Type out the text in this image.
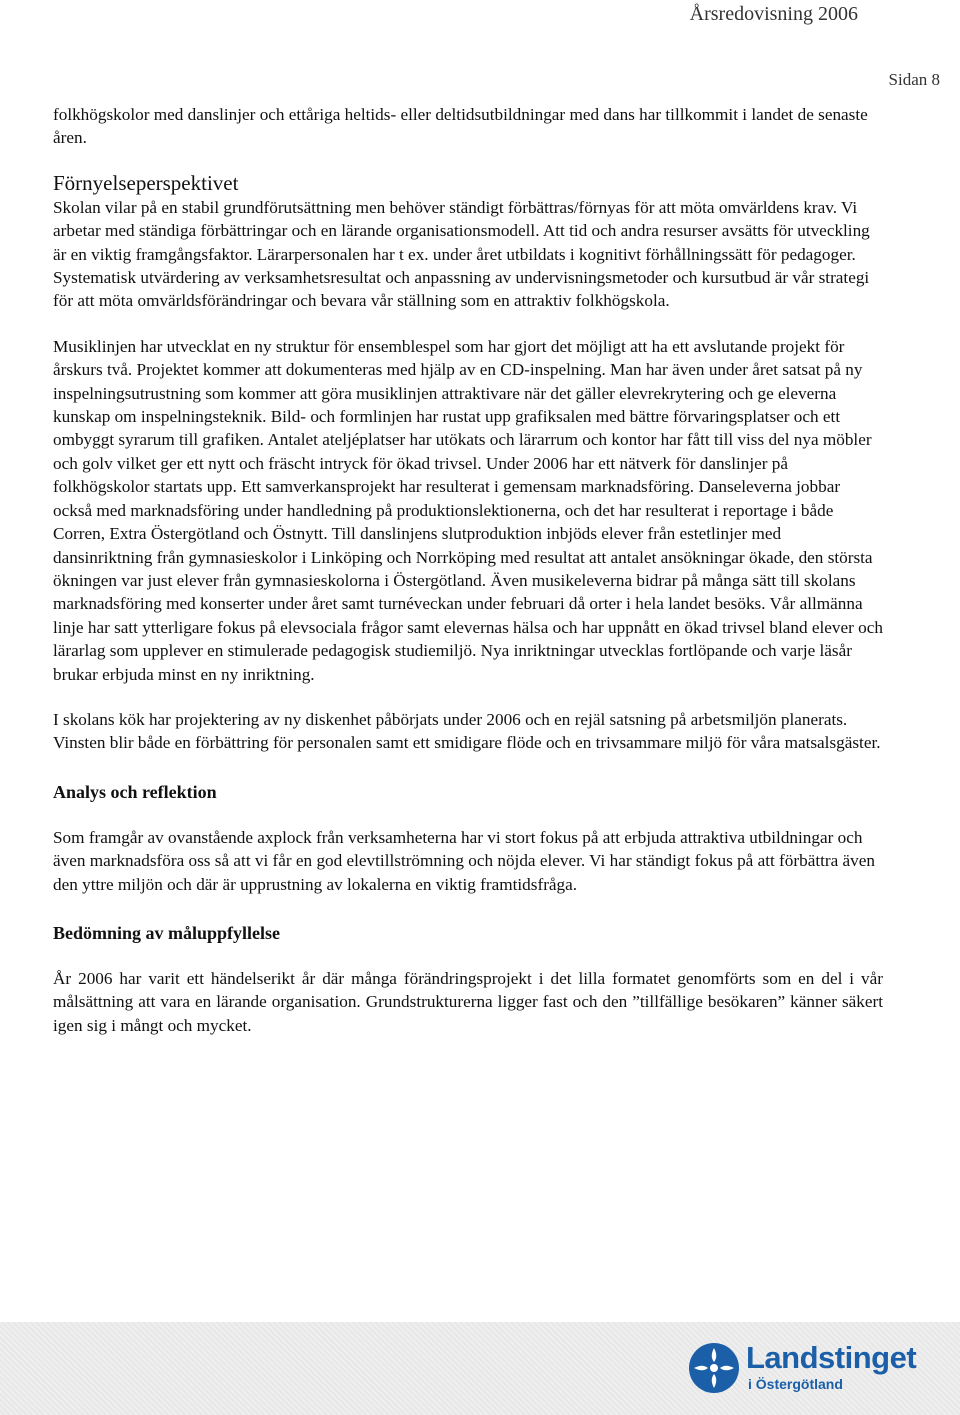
Årsredovisning 2006
Sidan 8

folkhögskolor med danslinjer och ettåriga heltids- eller deltidsutbildningar med dans har tillkommit i landet de senaste åren.

Förnyelseperspektivet

Skolan vilar på en stabil grundförutsättning men behöver ständigt förbättras/förnyas för att möta omvärldens krav. Vi arbetar med ständiga förbättringar och en lärande organisationsmodell. Att tid och andra resurser avsätts för utveckling är en viktig framgångsfaktor. Lärarpersonalen har t ex. under året utbildats i kognitivt förhållningssätt för pedagoger. Systematisk utvärdering av verksamhetsresultat och anpassning av undervisningsmetoder och kursutbud är vår strategi för att möta omvärldsförändringar och bevara vår ställning som en attraktiv folkhögskola.

Musiklinjen har utvecklat en ny struktur för ensemblespel som har gjort det möjligt att ha ett avslutande projekt för årskurs två. Projektet kommer att dokumenteras med hjälp av en CD-inspelning. Man har även under året satsat på ny inspelningsutrustning som kommer att göra musiklinjen attraktivare när det gäller elevrekrytering och ge eleverna kunskap om inspelningsteknik. Bild- och formlinjen har rustat upp grafiksalen med bättre förvaringsplatser och ett ombyggt syrarum till grafiken. Antalet ateljéplatser har utökats och lärarrum och kontor har fått till viss del nya möbler och golv vilket ger ett nytt och fräscht intryck för ökad trivsel. Under 2006 har ett nätverk för danslinjer på folkhögskolor startats upp. Ett samverkansprojekt har resulterat i gemensam marknadsföring. Danseleverna jobbar också med marknadsföring under handledning på produktionslektionerna, och det har resulterat i reportage i både Corren, Extra Östergötland och Östnytt. Till danslinjens slutproduktion inbjöds elever från estetlinjer med dansinriktning från gymnasieskolor i Linköping och Norrköping med resultat att antalet ansökningar ökade, den största ökningen var just elever från gymnasieskolorna i Östergötland. Även musikeleverna bidrar på många sätt till skolans marknadsföring med konserter under året samt turnéveckan under februari då orter i hela landet besöks. Vår allmänna linje har satt ytterligare fokus på elevsociala frågor samt elevernas hälsa och har uppnått en ökad trivsel bland elever och lärarlag som upplever en stimulerade pedagogisk studiemiljö. Nya inriktningar utvecklas fortlöpande och varje läsår brukar erbjuda minst en ny inriktning.

I skolans kök har projektering av ny diskenhet påbörjats under 2006 och en rejäl satsning på arbetsmiljön planerats. Vinsten blir både en förbättring för personalen samt ett smidigare flöde och en trivsammare miljö för våra matsalsgäster.

Analys och reflektion

Som framgår av ovanstående axplock från verksamheterna har vi stort fokus på att erbjuda attraktiva utbildningar och även marknadsföra oss så att vi får en god elevtillströmning och nöjda elever. Vi har ständigt fokus på att förbättra även den yttre miljön och där är upprustning av lokalerna en viktig framtidsfråga.

Bedömning av måluppfyllelse

År 2006 har varit ett händelserikt år där många förändringsprojekt i det lilla formatet genomförts som en del i vår målsättning att vara en lärande organisation. Grundstrukturerna ligger fast och den ”tillfällige besökaren” känner säkert igen sig i mångt och mycket.

Landstinget
i Östergötland
